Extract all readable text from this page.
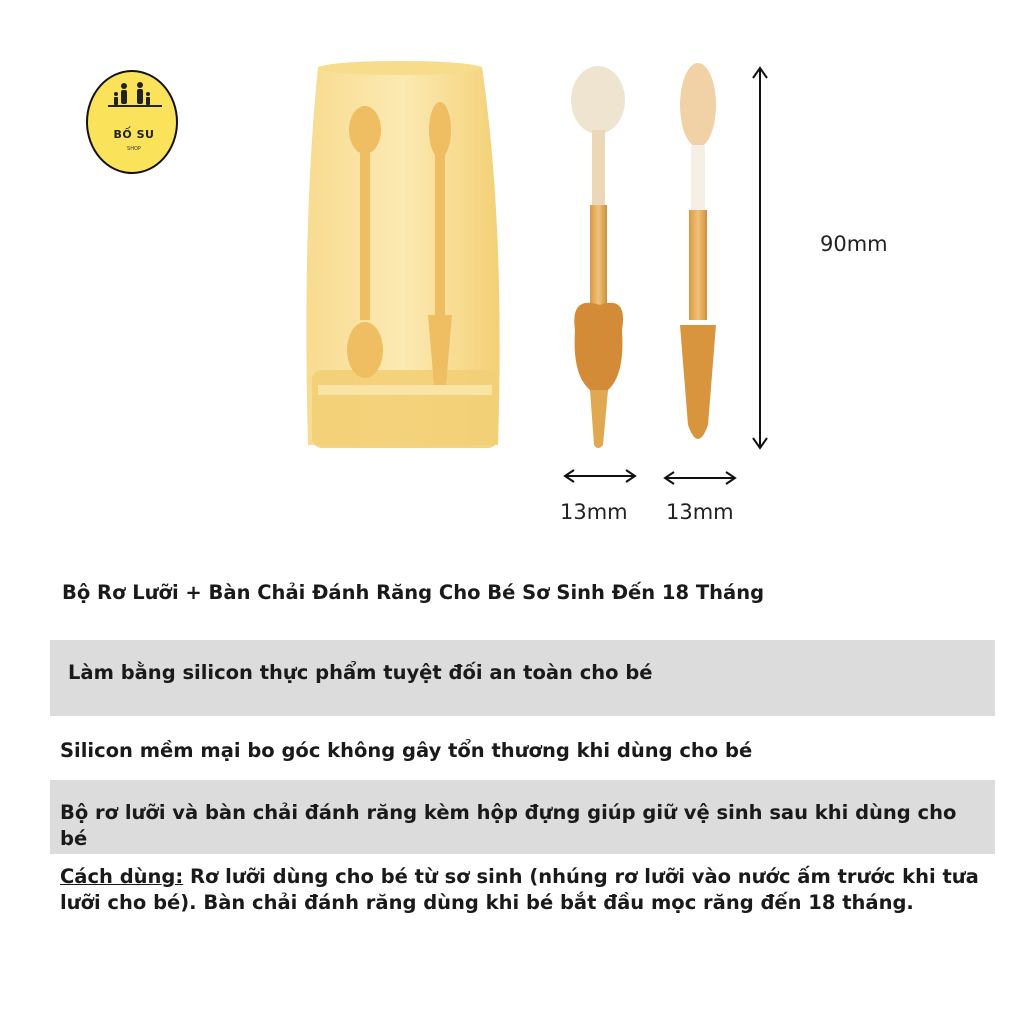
BỐ SU
SHOP
90mm
13mm 13mm
Bộ Rơ Lưỡi + Bàn Chải Đánh Răng Cho Bé Sơ Sinh Đến 18 Tháng
Làm bằng silicon thực phẩm tuyệt đối an toàn cho bé
Silicon mềm mại bo góc không gây tổn thương khi dùng cho bé
Bộ rơ lưỡi và bàn chải đánh răng kèm hộp đựng giúp giữ vệ sinh sau khi dùng cho bé
Cách dùng: Rơ lưỡi dùng cho bé từ sơ sinh (nhúng rơ lưỡi vào nước ấm trước khi tưa lưỡi cho bé). Bàn chải đánh răng dùng khi bé bắt đầu mọc răng đến 18 tháng.
